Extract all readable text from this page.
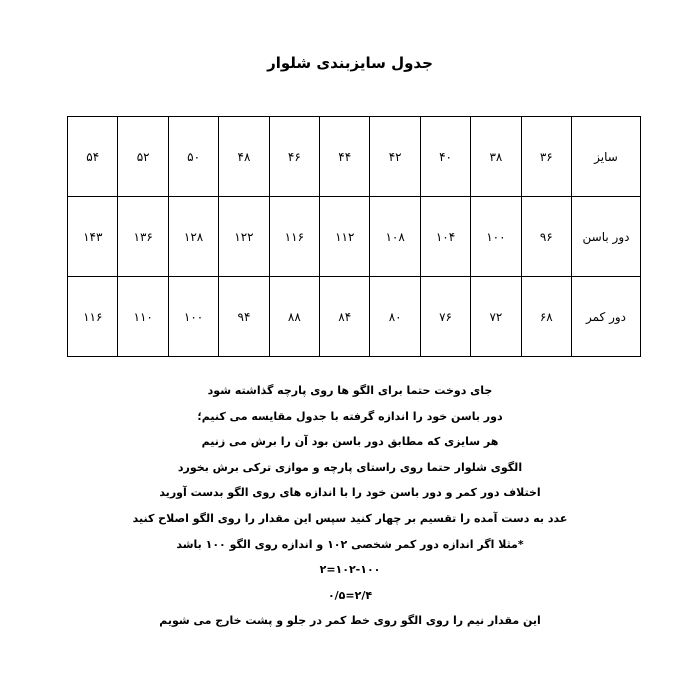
جدول سایزبندی شلوار
سایز	۳۶	۳۸	۴۰	۴۲	۴۴	۴۶	۴۸	۵۰	۵۲	۵۴
دور باسن	۹۶	۱۰۰	۱۰۴	۱۰۸	۱۱۲	۱۱۶	۱۲۲	۱۲۸	۱۳۶	۱۴۳
دور کمر	۶۸	۷۲	۷۶	۸۰	۸۴	۸۸	۹۴	۱۰۰	۱۱۰	۱۱۶
جای دوخت حتما برای الگو ها روی پارچه گذاشته شود
دور باسن خود را اندازه گرفته با جدول مقایسه می کنیم؛
هر سایزی که مطابق دور باسن بود آن را برش می زنیم
الگوی شلوار حتما روی راستای پارچه و موازی ترکی برش بخورد
اختلاف دور کمر و دور باسن خود را با اندازه های روی الگو بدست آورید
عدد به دست آمده را تقسیم بر چهار کنید سپس این مقدار را روی الگو اصلاح کنید
*مثلا اگر اندازه دور کمر شخصی ۱۰۲ و اندازه روی الگو ۱۰۰ باشد
۱۰۲-۱۰۰=۲
۲/۴=۰/۵
این مقدار نیم را روی الگو روی خط کمر در جلو و پشت خارج می شویم
